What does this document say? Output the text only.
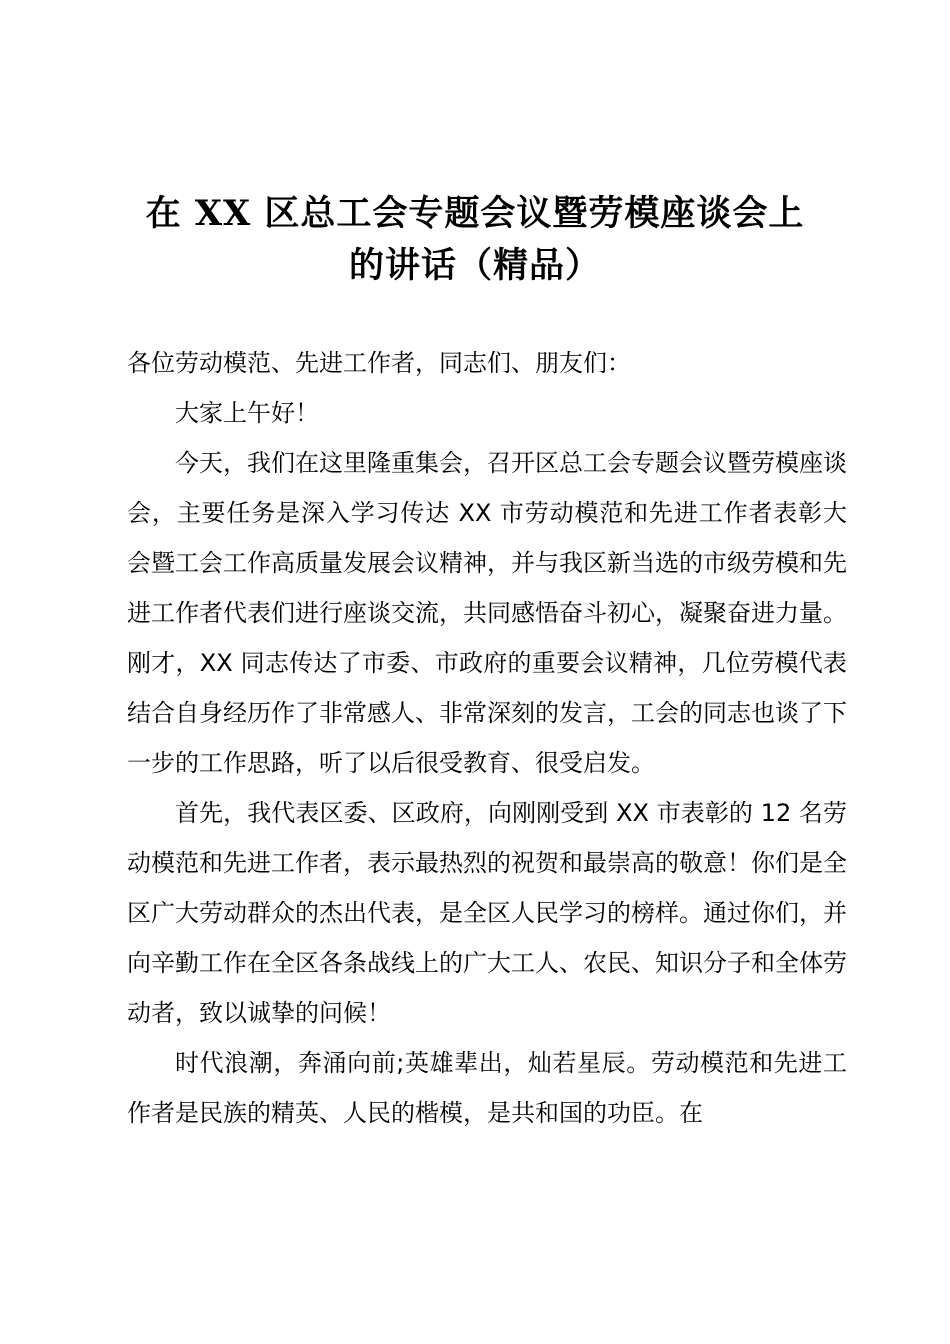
在 XX 区总工会专题会议暨劳模座谈会上
的讲话（精品）

各位劳动模范、先进工作者，同志们、朋友们：

大家上午好！

今天，我们在这里隆重集会，召开区总工会专题会议暨劳模座谈会，主要任务是深入学习传达 XX 市劳动模范和先进工作者表彰大会暨工会工作高质量发展会议精神，并与我区新当选的市级劳模和先进工作者代表们进行座谈交流，共同感悟奋斗初心，凝聚奋进力量。刚才，XX 同志传达了市委、市政府的重要会议精神，几位劳模代表结合自身经历作了非常感人、非常深刻的发言，工会的同志也谈了下一步的工作思路，听了以后很受教育、很受启发。

首先，我代表区委、区政府，向刚刚受到 XX 市表彰的 12 名劳动模范和先进工作者，表示最热烈的祝贺和最崇高的敬意！你们是全区广大劳动群众的杰出代表，是全区人民学习的榜样。通过你们，并向辛勤工作在全区各条战线上的广大工人、农民、知识分子和全体劳动者，致以诚挚的问候！

时代浪潮，奔涌向前;英雄辈出，灿若星辰。劳动模范和先进工作者是民族的精英、人民的楷模，是共和国的功臣。在
